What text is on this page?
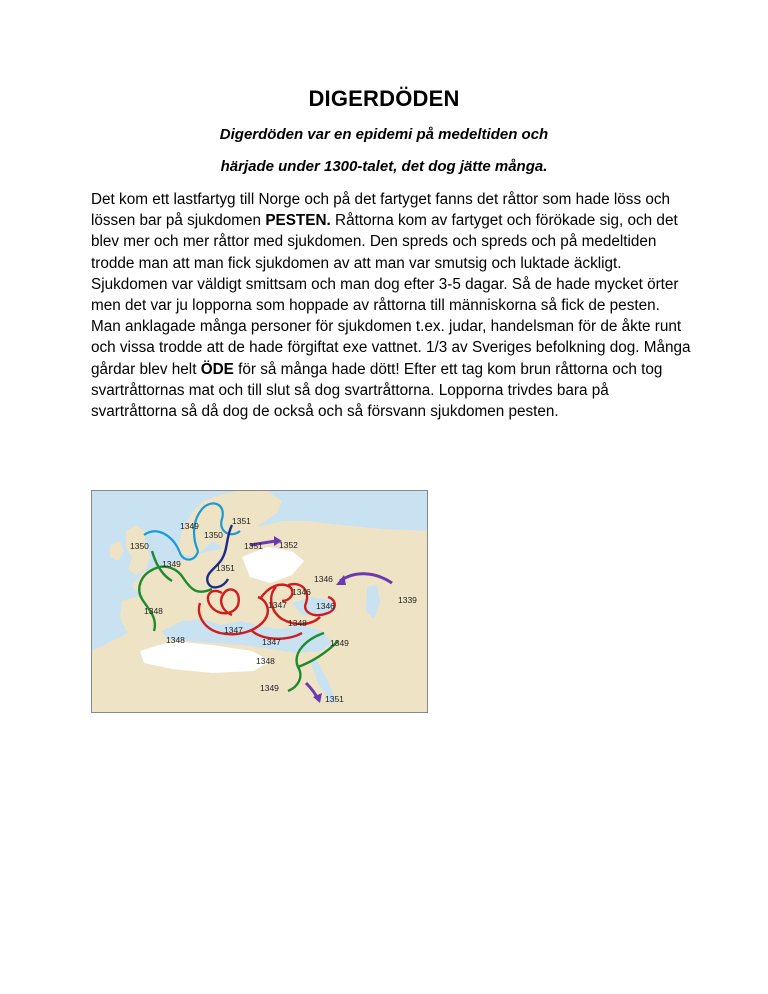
DIGERDÖDEN
Digerdöden var en epidemi på medeltiden och
härjade under 1300-talet, det dog jätte många.
Det kom ett lastfartyg till Norge och på det fartyget fanns det råttor som hade löss och lössen bar på sjukdomen PESTEN. Råttorna kom av fartyget och förökade sig, och det blev mer och mer råttor med sjukdomen. Den spreds och spreds och på medeltiden trodde man att man fick sjukdomen av att man var smutsig och luktade äckligt. Sjukdomen var väldigt smittsam och man dog efter 3-5 dagar. Så de hade mycket örter men det var ju lopporna som hoppade av råttorna till människorna så fick de pesten. Man anklagade många personer för sjukdomen t.ex. judar, handelsman för de åkte runt och vissa trodde att de hade förgiftat exe vattnet. 1/3 av Sveriges befolkning dog. Många gårdar blev helt ÖDE för så många hade dött! Efter ett tag kom brun råttorna och tog svartråttornas mat och till slut så dog svartråttorna. Lopporna trivdes bara på svartråttorna så då dog de också och så försvann sjukdomen pesten.
1349	1351
1350
1351 1352
1350
1349	1351
1346
1339
1346
1347	1346
1348
1348
1347
1348	1347	1349
1348
1349
1351
